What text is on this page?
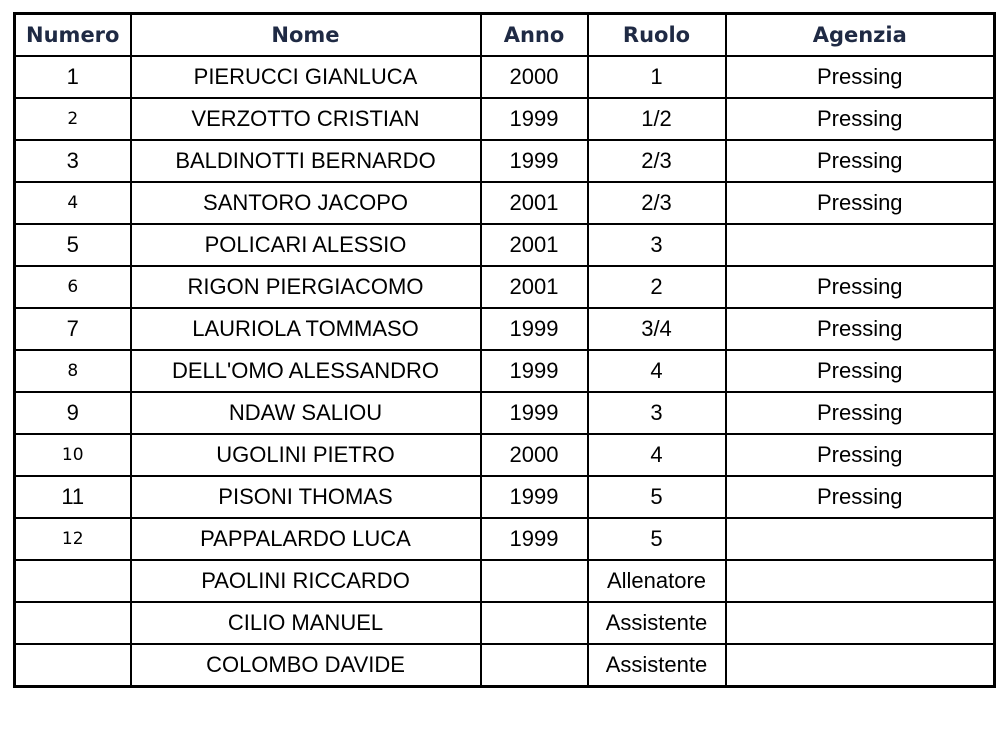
Numero	Nome	Anno	Ruolo	Agenzia
1	PIERUCCI GIANLUCA	2000	1	Pressing
2	VERZOTTO CRISTIAN	1999	1/2	Pressing
3	BALDINOTTI BERNARDO	1999	2/3	Pressing
4	SANTORO JACOPO	2001	2/3	Pressing
5	POLICARI ALESSIO	2001	3	
6	RIGON PIERGIACOMO	2001	2	Pressing
7	LAURIOLA TOMMASO	1999	3/4	Pressing
8	DELL'OMO ALESSANDRO	1999	4	Pressing
9	NDAW SALIOU	1999	3	Pressing
10	UGOLINI PIETRO	2000	4	Pressing
11	PISONI THOMAS	1999	5	Pressing
12	PAPPALARDO LUCA	1999	5	
	PAOLINI RICCARDO		Allenatore	
	CILIO MANUEL		Assistente	
	COLOMBO DAVIDE		Assistente	
